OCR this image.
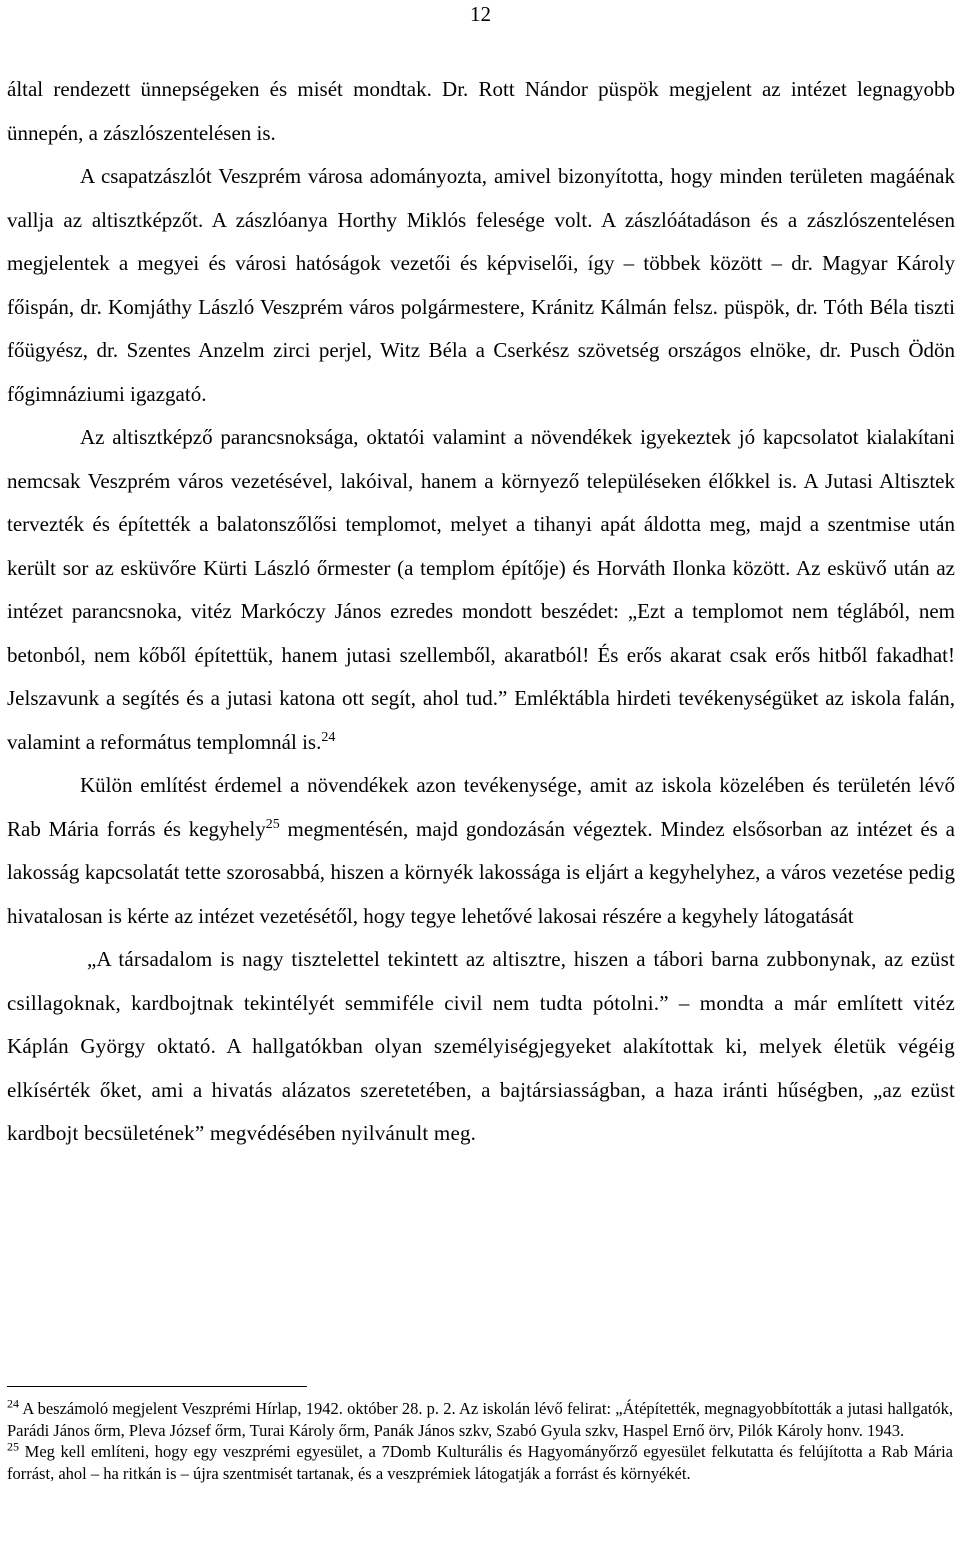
12

által rendezett ünnepségeken és misét mondtak. Dr. Rott Nándor püspök megjelent az intézet legnagyobb ünnepén, a zászlószentelésen is.

A csapatzászlót Veszprém városa adományozta, amivel bizonyította, hogy minden területen magáénak vallja az altisztképzőt. A zászlóanya Horthy Miklós felesége volt. A zászlóátadáson és a zászlószentelésen megjelentek a megyei és városi hatóságok vezetői és képviselői, így – többek között – dr. Magyar Károly főispán, dr. Komjáthy László Veszprém város polgármestere, Kránitz Kálmán felsz. püspök, dr. Tóth Béla tiszti főügyész, dr. Szentes Anzelm zirci perjel, Witz Béla a Cserkész szövetség országos elnöke, dr. Pusch Ödön főgimnáziumi igazgató.

Az altisztképző parancsnoksága, oktatói valamint a növendékek igyekeztek jó kapcsolatot kialakítani nemcsak Veszprém város vezetésével, lakóival, hanem a környező településeken élőkkel is. A Jutasi Altisztek tervezték és építették a balatonszőlősi templomot, melyet a tihanyi apát áldotta meg, majd a szentmise után került sor az esküvőre Kürti László őrmester (a templom építője) és Horváth Ilonka között. Az esküvő után az intézet parancsnoka, vitéz Markóczy János ezredes mondott beszédet: „Ezt a templomot nem téglából, nem betonból, nem kőből építettük, hanem jutasi szellemből, akaratból! És erős akarat csak erős hitből fakadhat! Jelszavunk a segítés és a jutasi katona ott segít, ahol tud.” Emléktábla hirdeti tevékenységüket az iskola falán, valamint a református templomnál is.$^{24}$

Külön említést érdemel a növendékek azon tevékenysége, amit az iskola közelében és területén lévő Rab Mária forrás és kegyhely$^{25}$ megmentésén, majd gondozásán végeztek. Mindez elsősorban az intézet és a lakosság kapcsolatát tette szorosabbá, hiszen a környék lakossága is eljárt a kegyhelyhez, a város vezetése pedig hivatalosan is kérte az intézet vezetésétől, hogy tegye lehetővé lakosai részére a kegyhely látogatását

„A társadalom is nagy tisztelettel tekintett az altisztre, hiszen a tábori barna zubbonynak, az ezüst csillagoknak, kardbojtnak tekintélyét semmiféle civil nem tudta pótolni.” – mondta a már említett vitéz Káplán György oktató. A hallgatókban olyan személyiségjegyeket alakítottak ki, melyek életük végéig elkísérték őket, ami a hivatás alázatos szeretetében, a bajtársiasságban, a haza iránti hűségben, „az ezüst kardbojt becsületének” megvédésében nyilvánult meg.

$^{24}$ A beszámoló megjelent Veszprémi Hírlap, 1942. október 28. p. 2. Az iskolán lévő felirat: „Átépítették, megnagyobbították a jutasi hallgatók, Parádi János őrm, Pleva József őrm, Turai Károly őrm, Panák János szkv, Szabó Gyula szkv, Haspel Ernő örv, Pilók Károly honv. 1943.

$^{25}$ Meg kell említeni, hogy egy veszprémi egyesület, a 7Domb Kulturális és Hagyományőrző egyesület felkutatta és felújította a Rab Mária forrást, ahol – ha ritkán is – újra szentmisét tartanak, és a veszprémiek látogatják a forrást és környékét.
